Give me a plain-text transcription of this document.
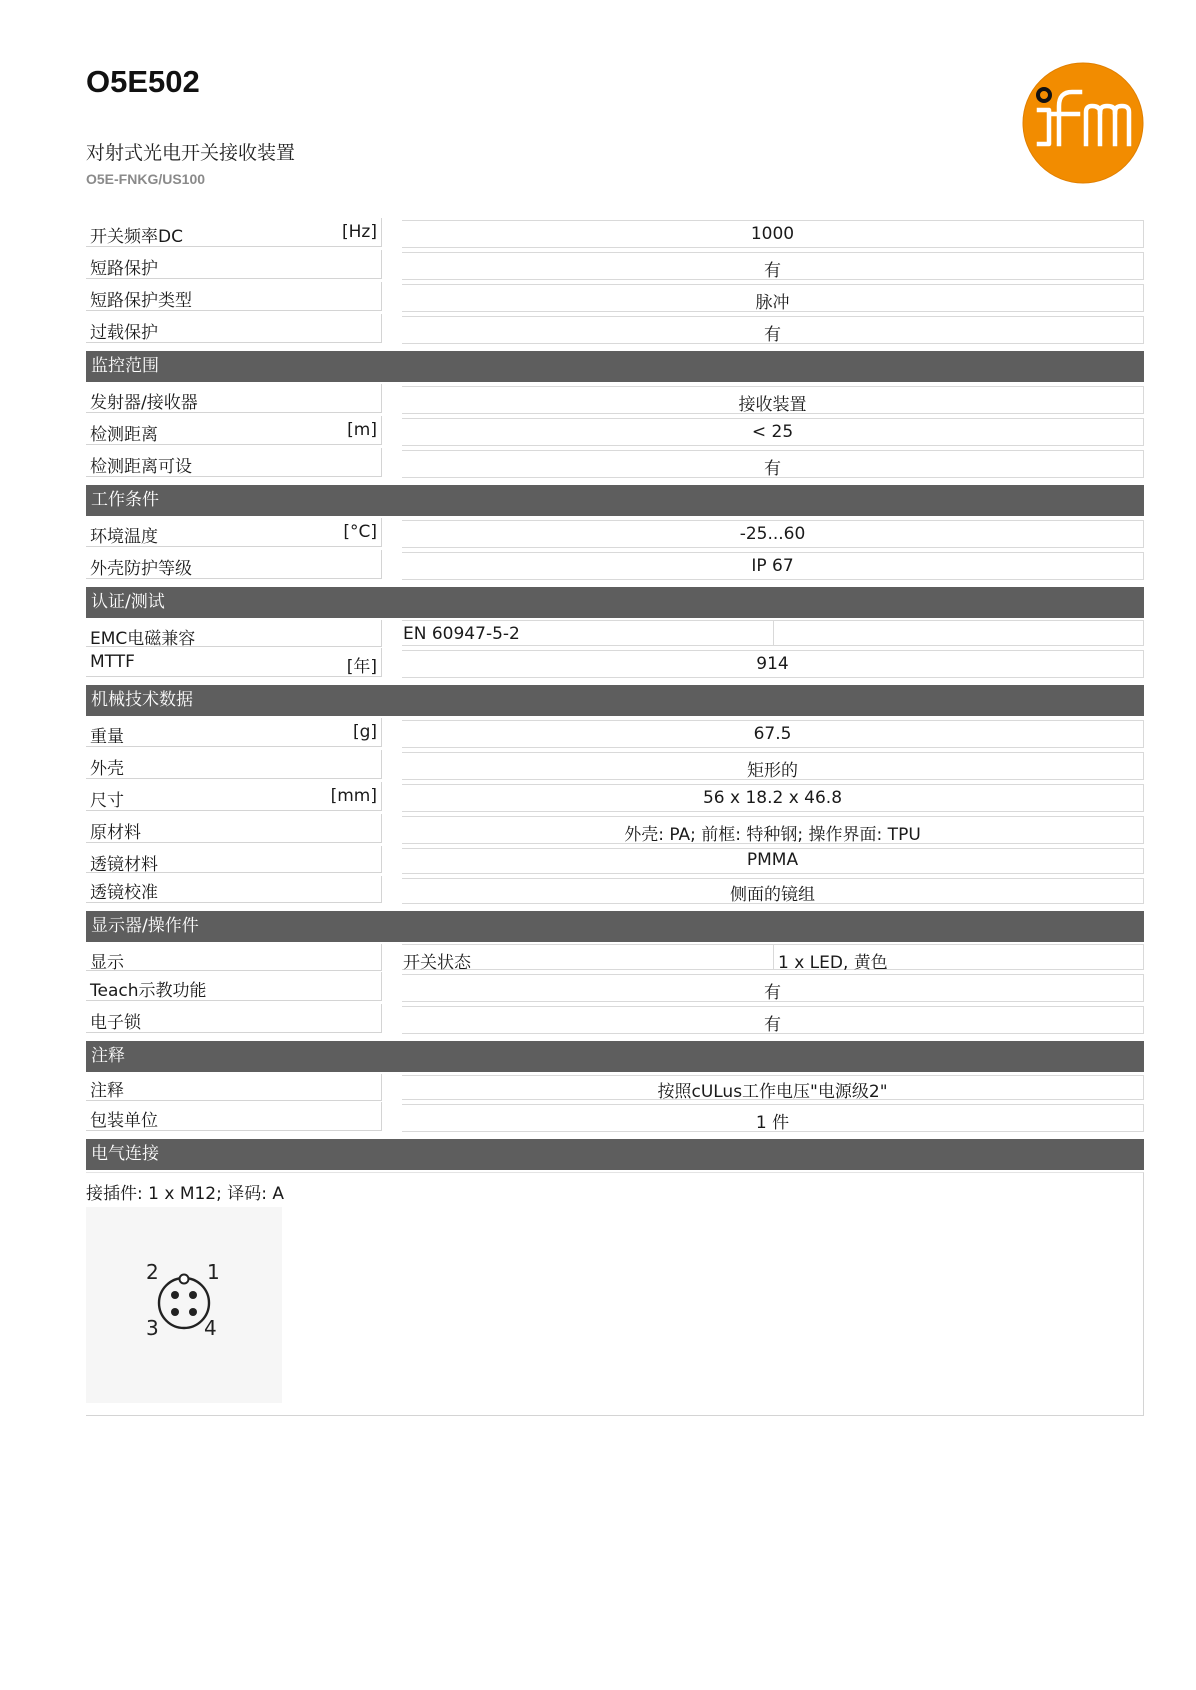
O5E502
对射式光电开关接收装置
O5E-FNKG/US100
开关频率DC	[Hz]	1000
短路保护	有
短路保护类型	脉冲
过载保护	有
监控范围
发射器/接收器	接收装置
检测距离	[m]	< 25
检测距离可设	有
工作条件
环境温度	[°C]	-25...60
外壳防护等级	IP 67
认证/测试
EMC电磁兼容	EN 60947-5-2
MTTF	[年]	914
机械技术数据
重量	[g]	67.5
外壳	矩形的
尺寸	[mm]	56 x 18.2 x 46.8
原材料	外壳: PA; 前框: 特种钢; 操作界面: TPU
透镜材料	PMMA
透镜校准	侧面的镜组
显示器/操作件
显示	开关状态	1 x LED, 黄色
Teach示教功能	有
电子锁	有
注释
注释	按照cULus工作电压"电源级2"
包装单位	1 件
电气连接
接插件: 1 x M12; 译码: A
2 1
3 4
